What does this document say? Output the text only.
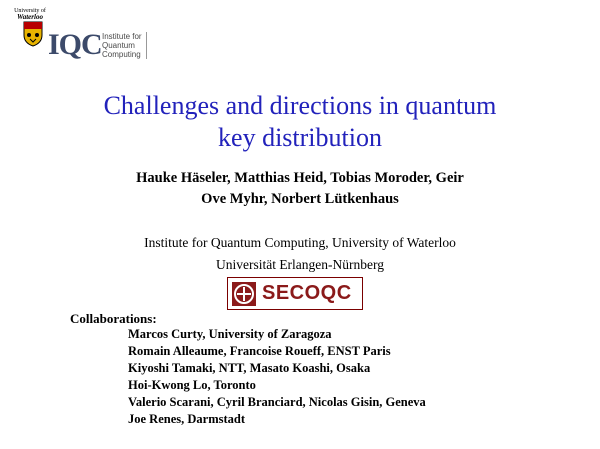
University of
Waterloo
IQC Institute for
Quantum
Computing
Challenges and directions in quantum
key distribution
Hauke Häseler, Matthias Heid, Tobias Moroder, Geir
Ove Myhr, Norbert Lütkenhaus
Institute for Quantum Computing, University of Waterloo
Universität Erlangen-Nürnberg
SECOQC
Collaborations:
Marcos Curty, University of Zaragoza
Romain Alleaume, Francoise Roueff, ENST Paris
Kiyoshi Tamaki, NTT, Masato Koashi, Osaka
Hoi-Kwong Lo, Toronto
Valerio Scarani, Cyril Branciard, Nicolas Gisin, Geneva
Joe Renes, Darmstadt
